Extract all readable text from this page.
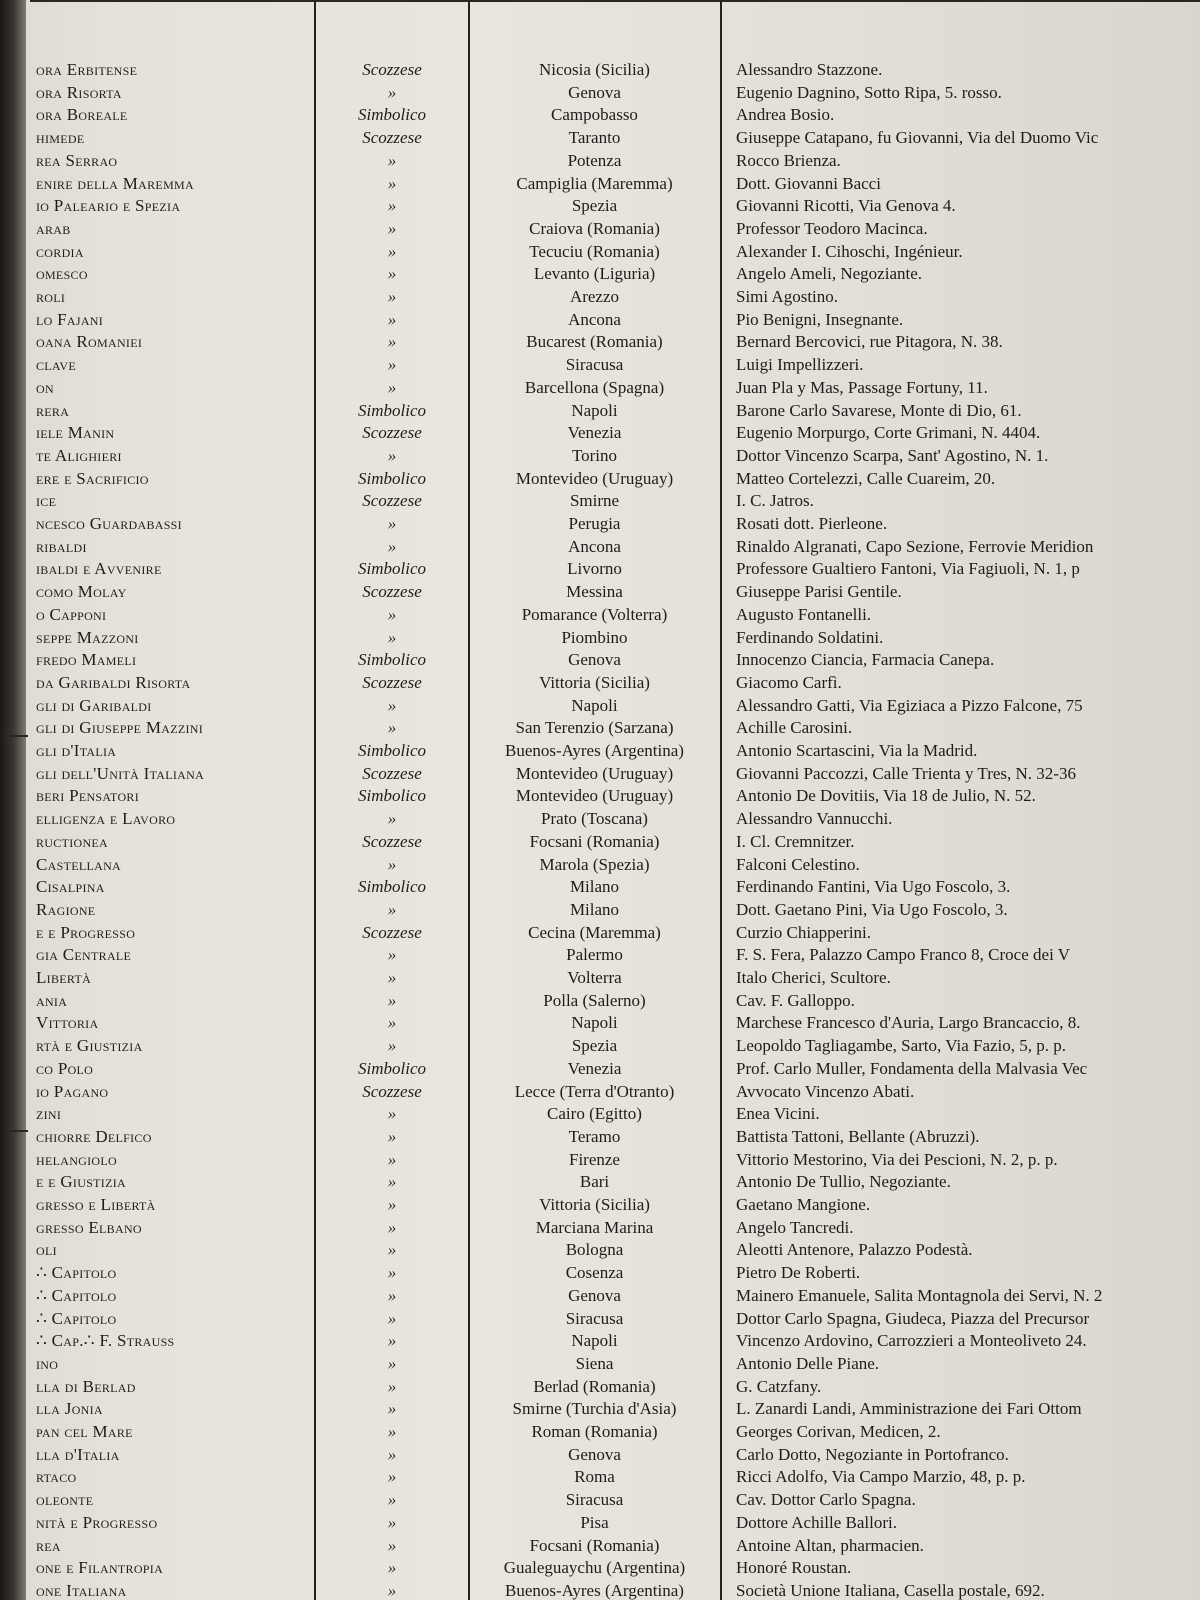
ora Erbitense	Scozzese	Nicosia (Sicilia)	Alessandro Stazzone.
ora Risorta	»	Genova	Eugenio Dagnino, Sotto Ripa, 5. rosso.
ora Boreale	Simbolico	Campobasso	Andrea Bosio.
himede	Scozzese	Taranto	Giuseppe Catapano, fu Giovanni, Via del Duomo Vic
rea Serrao	»	Potenza	Rocco Brienza.
enire della Maremma	»	Campiglia (Maremma)	Dott. Giovanni Bacci
io Paleario e Spezia	»	Spezia	Giovanni Ricotti, Via Genova 4.
arab	»	Craiova (Romania)	Professor Teodoro Macinca.
cordia	»	Tecuciu (Romania)	Alexander I. Cihoschi, Ingénieur.
omesco	»	Levanto (Liguria)	Angelo Ameli, Negoziante.
roli	»	Arezzo	Simi Agostino.
lo Fajani	»	Ancona	Pio Benigni, Insegnante.
oana Romaniei	»	Bucarest (Romania)	Bernard Bercovici, rue Pitagora, N. 38.
clave	»	Siracusa	Luigi Impellizzeri.
on	»	Barcellona (Spagna)	Juan Pla y Mas, Passage Fortuny, 11.
rera	Simbolico	Napoli	Barone Carlo Savarese, Monte di Dio, 61.
iele Manin	Scozzese	Venezia	Eugenio Morpurgo, Corte Grimani, N. 4404.
te Alighieri	»	Torino	Dottor Vincenzo Scarpa, Sant' Agostino, N. 1.
ere e Sacrificio	Simbolico	Montevideo (Uruguay)	Matteo Cortelezzi, Calle Cuareim, 20.
ice	Scozzese	Smirne	I. C. Jatros.
ncesco Guardabassi	»	Perugia	Rosati dott. Pierleone.
ribaldi	»	Ancona	Rinaldo Algranati, Capo Sezione, Ferrovie Meridion
ibaldi e Avvenire	Simbolico	Livorno	Professore Gualtiero Fantoni, Via Fagiuoli, N. 1, p
como Molay	Scozzese	Messina	Giuseppe Parisi Gentile.
o Capponi	»	Pomarance (Volterra)	Augusto Fontanelli.
seppe Mazzoni	»	Piombino	Ferdinando Soldatini.
fredo Mameli	Simbolico	Genova	Innocenzo Ciancia, Farmacia Canepa.
da Garibaldi Risorta	Scozzese	Vittoria (Sicilia)	Giacomo Carfì.
gli di Garibaldi	»	Napoli	Alessandro Gatti, Via Egiziaca a Pizzo Falcone, 75
gli di Giuseppe Mazzini	»	San Terenzio (Sarzana)	Achille Carosini.
gli d'Italia	Simbolico	Buenos-Ayres (Argentina)	Antonio Scartascini, Via la Madrid.
gli dell'Unità Italiana	Scozzese	Montevideo (Uruguay)	Giovanni Paccozzi, Calle Trienta y Tres, N. 32-36
beri Pensatori	Simbolico	Montevideo (Uruguay)	Antonio De Dovitiis, Via 18 de Julio, N. 52.
elligenza e Lavoro	»	Prato (Toscana)	Alessandro Vannucchi.
ructionea	Scozzese	Focsani (Romania)	I. Cl. Cremnitzer.
Castellana	»	Marola (Spezia)	Falconi Celestino.
Cisalpina	Simbolico	Milano	Ferdinando Fantini, Via Ugo Foscolo, 3.
Ragione	»	Milano	Dott. Gaetano Pini, Via Ugo Foscolo, 3.
e e Progresso	Scozzese	Cecina (Maremma)	Curzio Chiapperini.
gia Centrale	»	Palermo	F. S. Fera, Palazzo Campo Franco 8, Croce dei V
Libertà	»	Volterra	Italo Cherici, Scultore.
ania	»	Polla (Salerno)	Cav. F. Galloppo.
Vittoria	»	Napoli	Marchese Francesco d'Auria, Largo Brancaccio, 8.
rtà e Giustizia	»	Spezia	Leopoldo Tagliagambe, Sarto, Via Fazio, 5, p. p.
co Polo	Simbolico	Venezia	Prof. Carlo Muller, Fondamenta della Malvasia Vec
io Pagano	Scozzese	Lecce (Terra d'Otranto)	Avvocato Vincenzo Abati.
zini	»	Cairo (Egitto)	Enea Vicini.
chiorre Delfico	»	Teramo	Battista Tattoni, Bellante (Abruzzi).
helangiolo	»	Firenze	Vittorio Mestorino, Via dei Pescioni, N. 2, p. p.
e e Giustizia	»	Bari	Antonio De Tullio, Negoziante.
gresso e Libertà	»	Vittoria (Sicilia)	Gaetano Mangione.
gresso Elbano	»	Marciana Marina	Angelo Tancredi.
oli	»	Bologna	Aleotti Antenore, Palazzo Podestà.
∴ Capitolo	»	Cosenza	Pietro De Roberti.
∴ Capitolo	»	Genova	Mainero Emanuele, Salita Montagnola dei Servi, N. 2
∴ Capitolo	»	Siracusa	Dottor Carlo Spagna, Giudeca, Piazza del Precursor
∴ Cap.∴ F. Strauss	»	Napoli	Vincenzo Ardovino, Carrozzieri a Monteoliveto 24.
ino	»	Siena	Antonio Delle Piane.
lla di Berlad	»	Berlad (Romania)	G. Catzfany.
lla Jonia	»	Smirne (Turchia d'Asia)	L. Zanardi Landi, Amministrazione dei Fari Ottom
pan cel Mare	»	Roman (Romania)	Georges Corivan, Medicen, 2.
lla d'Italia	»	Genova	Carlo Dotto, Negoziante in Portofranco.
rtaco	»	Roma	Ricci Adolfo, Via Campo Marzio, 48, p. p.
oleonte	»	Siracusa	Cav. Dottor Carlo Spagna.
nità e Progresso	»	Pisa	Dottore Achille Ballori.
rea	»	Focsani (Romania)	Antoine Altan, pharmacien.
one e Filantropia	»	Gualeguaychu (Argentina)	Honoré Roustan.
one Italiana	»	Buenos-Ayres (Argentina)	Società Unione Italiana, Casella postale, 692.
